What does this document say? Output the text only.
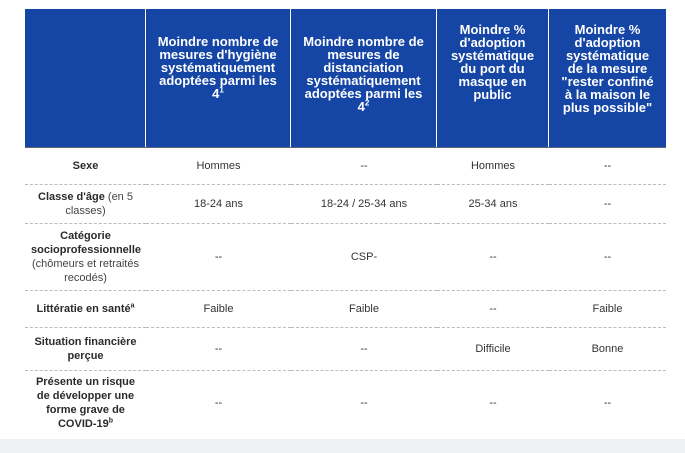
	Moindre nombre de mesures d'hygiène systématiquement adoptées parmi les $4^1$	Moindre nombre de mesures de distanciation systématiquement adoptées parmi les $4^2$	Moindre % d'adoption systématique du port du masque en public	Moindre % d'adoption systématique de la mesure "rester confiné à la maison le plus possible"

Sexe	Hommes	--	Hommes	--
Classe d'âge (en 5 classes)	18-24 ans	18-24 / 25-34 ans	25-34 ans	--
Catégorie socioprofessionnelle (chômeurs et retraités recodés)	--	CSP-	--	--
Littératie en santé$^a$	Faible	Faible	--	Faible
Situation financière perçue	--	--	Difficile	Bonne
Présente un risque de développer une forme grave de COVID-19$^b$	--	--	--	--
